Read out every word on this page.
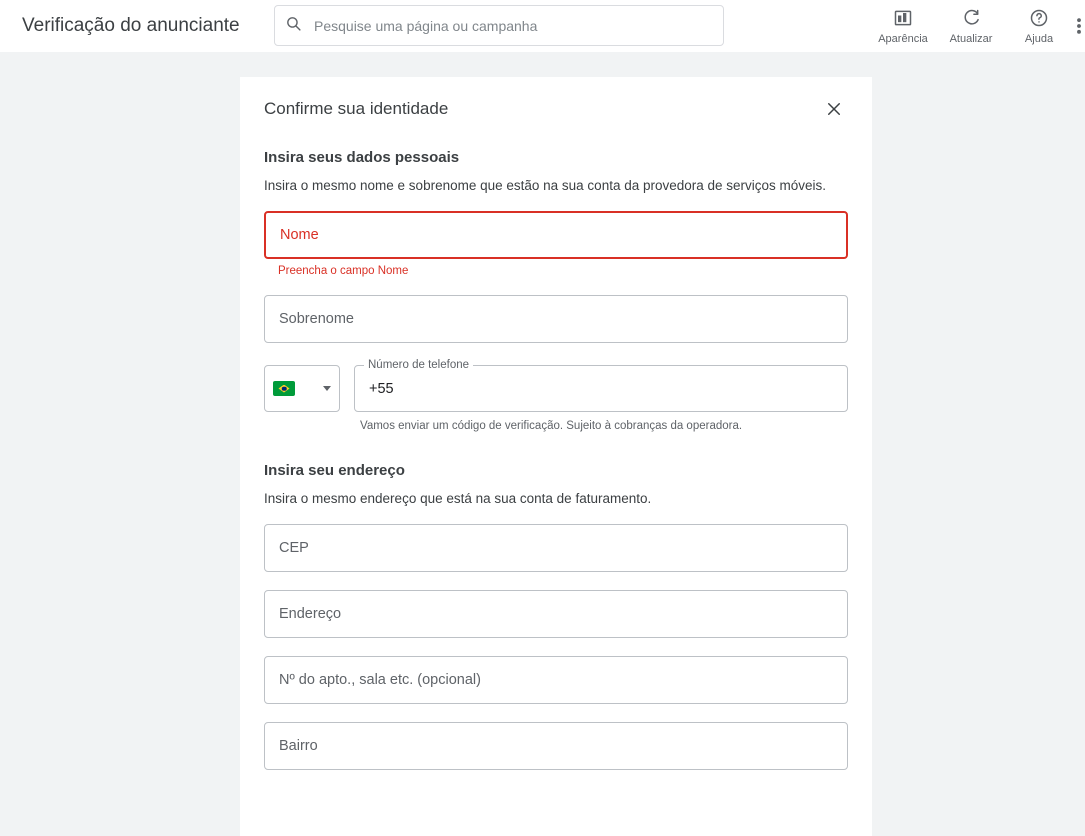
Verificação do anunciante
Pesquise uma página ou campanha
Aparência Atualizar	Ajuda
Confirme sua identidade
Insira seus dados pessoais
Insira o mesmo nome e sobrenome que estão na sua conta da provedora de serviços móveis.
Nome
Preencha o campo Nome
Sobrenome
Número de telefone
+55
Vamos enviar um código de verificação. Sujeito à cobranças da operadora.
Insira seu endereço
Insira o mesmo endereço que está na sua conta de faturamento.
CEP
Endereço
Nº do apto., sala etc. (opcional)
Bairro
